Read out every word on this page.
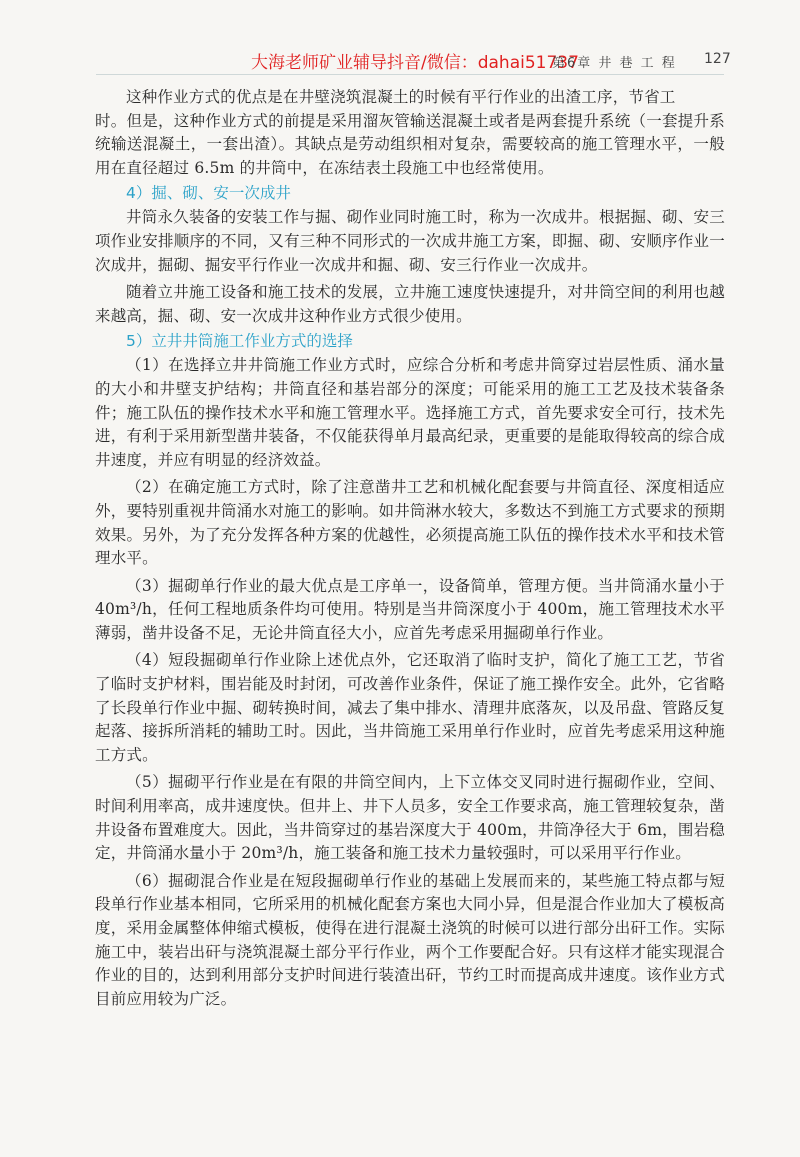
大海老师矿业辅导抖音/微信：dahai51737
第6章 井 巷 工 程 127

这种作业方式的优点是在井壁浇筑混凝土的时候有平行作业的出渣工序，节省工

时。但是，这种作业方式的前提是采用溜灰管输送混凝土或者是两套提升系统（一套提升系统输送混凝土，一套出渣）。其缺点是劳动组织相对复杂，需要较高的施工管理水平，一般用在直径超过 6.5m 的井筒中，在冻结表土段施工中也经常使用。

4）掘、砌、安一次成井

井筒永久装备的安装工作与掘、砌作业同时施工时，称为一次成井。根据掘、砌、安三项作业安排顺序的不同，又有三种不同形式的一次成井施工方案，即掘、砌、安顺序作业一次成井，掘砌、掘安平行作业一次成井和掘、砌、安三行作业一次成井。

随着立井施工设备和施工技术的发展，立井施工速度快速提升，对井筒空间的利用也越来越高，掘、砌、安一次成井这种作业方式很少使用。

5）立井井筒施工作业方式的选择

（1）在选择立井井筒施工作业方式时，应综合分析和考虑井筒穿过岩层性质、涌水量的大小和井壁支护结构；井筒直径和基岩部分的深度；可能采用的施工工艺及技术装备条件；施工队伍的操作技术水平和施工管理水平。选择施工方式，首先要求安全可行，技术先进，有利于采用新型凿井装备，不仅能获得单月最高纪录，更重要的是能取得较高的综合成井速度，并应有明显的经济效益。

（2）在确定施工方式时，除了注意凿井工艺和机械化配套要与井筒直径、深度相适应外，要特别重视井筒涌水对施工的影响。如井筒淋水较大，多数达不到施工方式要求的预期效果。另外，为了充分发挥各种方案的优越性，必须提高施工队伍的操作技术水平和技术管理水平。

（3）掘砌单行作业的最大优点是工序单一，设备简单，管理方便。当井筒涌水量小于 40m³/h，任何工程地质条件均可使用。特别是当井筒深度小于 400m，施工管理技术水平薄弱，凿井设备不足，无论井筒直径大小，应首先考虑采用掘砌单行作业。

（4）短段掘砌单行作业除上述优点外，它还取消了临时支护，简化了施工工艺，节省了临时支护材料，围岩能及时封闭，可改善作业条件，保证了施工操作安全。此外，它省略了长段单行作业中掘、砌转换时间，减去了集中排水、清理井底落灰，以及吊盘、管路反复起落、接拆所消耗的辅助工时。因此，当井筒施工采用单行作业时，应首先考虑采用这种施工方式。

（5）掘砌平行作业是在有限的井筒空间内，上下立体交叉同时进行掘砌作业，空间、时间利用率高，成井速度快。但井上、井下人员多，安全工作要求高，施工管理较复杂，凿井设备布置难度大。因此，当井筒穿过的基岩深度大于 400m，井筒净径大于 6m，围岩稳定，井筒涌水量小于 20m³/h，施工装备和施工技术力量较强时，可以采用平行作业。

（6）掘砌混合作业是在短段掘砌单行作业的基础上发展而来的，某些施工特点都与短段单行作业基本相同，它所采用的机械化配套方案也大同小异，但是混合作业加大了模板高度，采用金属整体伸缩式模板，使得在进行混凝土浇筑的时候可以进行部分出矸工作。实际施工中，装岩出矸与浇筑混凝土部分平行作业，两个工作要配合好。只有这样才能实现混合作业的目的，达到利用部分支护时间进行装渣出矸，节约工时而提高成井速度。该作业方式目前应用较为广泛。
